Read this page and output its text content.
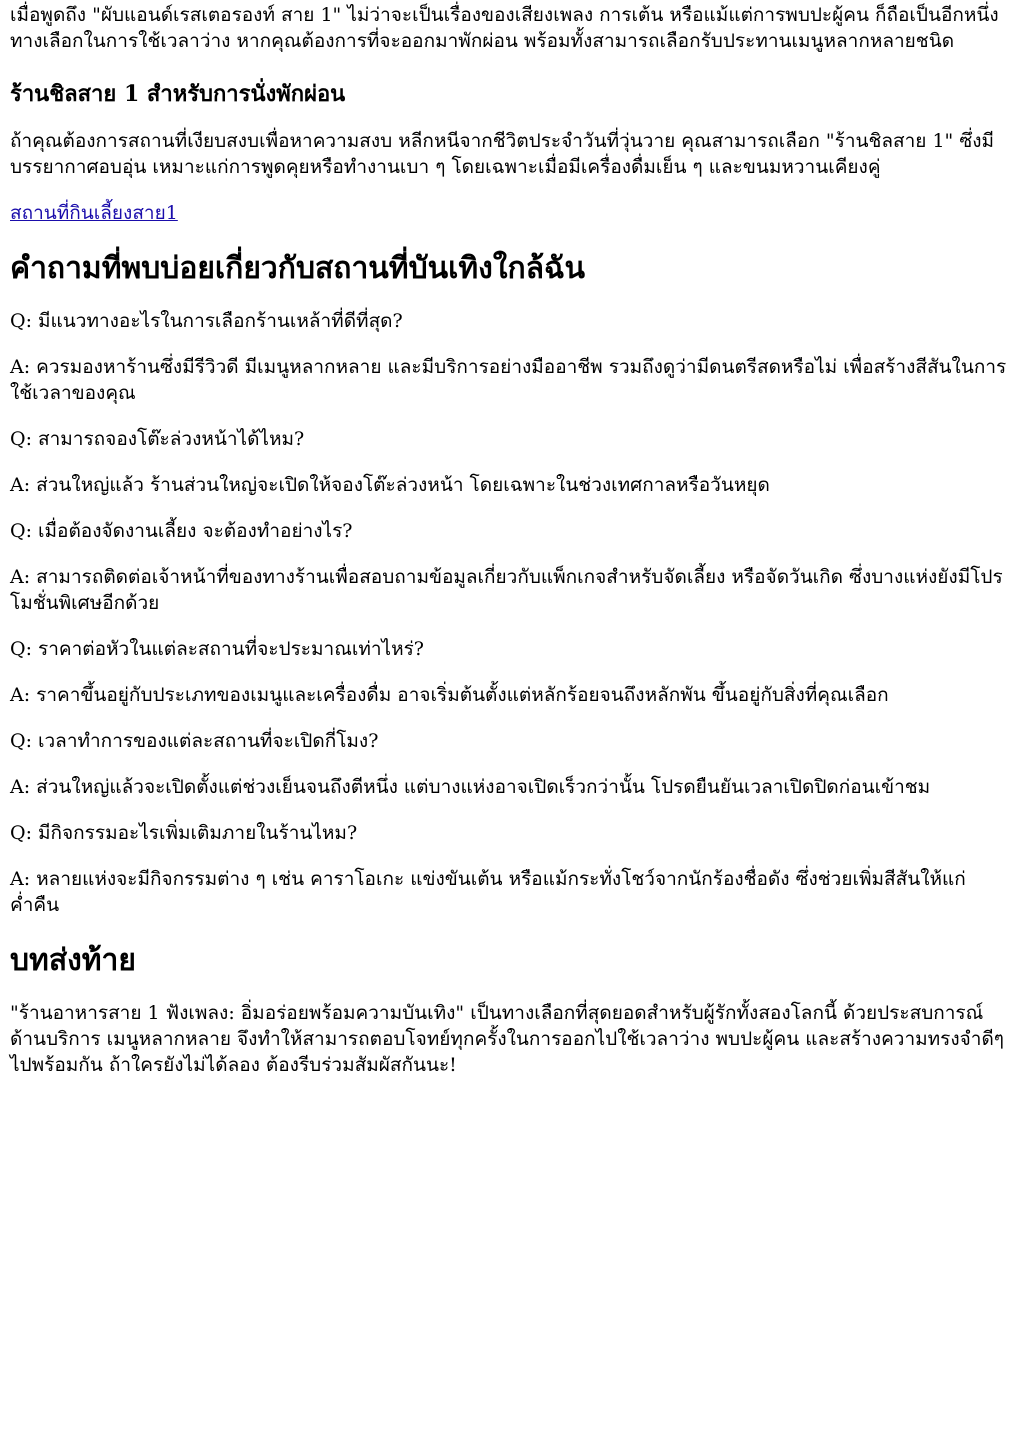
เมื่อพูดถึง "ผับแอนด์เรสเตอรองท์ สาย 1" ไม่ว่าจะเป็นเรื่องของเสียงเพลง การเต้น หรือแม้แต่การพบปะผู้คน ก็ถือเป็นอีกหนึ่งทางเลือกในการใช้เวลาว่าง หากคุณต้องการที่จะออกมาพักผ่อน พร้อมทั้งสามารถเลือกรับประทานเมนูหลากหลายชนิด

ร้านชิลสาย 1 สำหรับการนั่งพักผ่อน

ถ้าคุณต้องการสถานที่เงียบสงบเพื่อหาความสงบ หลีกหนีจากชีวิตประจำวันที่วุ่นวาย คุณสามารถเลือก "ร้านชิลสาย 1" ซึ่งมีบรรยากาศอบอุ่น เหมาะแก่การพูดคุยหรือทำงานเบา ๆ โดยเฉพาะเมื่อมีเครื่องดื่มเย็น ๆ และขนมหวานเคียงคู่

สถานที่กินเลี้ยงสาย1

คำถามที่พบบ่อยเกี่ยวกับสถานที่บันเทิงใกล้ฉัน

Q: มีแนวทางอะไรในการเลือกร้านเหล้าที่ดีที่สุด?

A: ควรมองหาร้านซึ่งมีรีวิวดี มีเมนูหลากหลาย และมีบริการอย่างมืออาชีพ รวมถึงดูว่ามีดนตรีสดหรือไม่ เพื่อสร้างสีสันในการใช้เวลาของคุณ

Q: สามารถจองโต๊ะล่วงหน้าได้ไหม?

A: ส่วนใหญ่แล้ว ร้านส่วนใหญ่จะเปิดให้จองโต๊ะล่วงหน้า โดยเฉพาะในช่วงเทศกาลหรือวันหยุด

Q: เมื่อต้องจัดงานเลี้ยง จะต้องทำอย่างไร?

A: สามารถติดต่อเจ้าหน้าที่ของทางร้านเพื่อสอบถามข้อมูลเกี่ยวกับแพ็กเกจสำหรับจัดเลี้ยง หรือจัดวันเกิด ซึ่งบางแห่งยังมีโปรโมชั่นพิเศษอีกด้วย

Q: ราคาต่อหัวในแต่ละสถานที่จะประมาณเท่าไหร่?

A: ราคาขึ้นอยู่กับประเภทของเมนูและเครื่องดื่ม อาจเริ่มต้นตั้งแต่หลักร้อยจนถึงหลักพัน ขึ้นอยู่กับสิ่งที่คุณเลือก

Q: เวลาทำการของแต่ละสถานที่จะเปิดกี่โมง?

A: ส่วนใหญ่แล้วจะเปิดตั้งแต่ช่วงเย็นจนถึงตีหนึ่ง แต่บางแห่งอาจเปิดเร็วกว่านั้น โปรดยืนยันเวลาเปิดปิดก่อนเข้าชม

Q: มีกิจกรรมอะไรเพิ่มเติมภายในร้านไหม?

A: หลายแห่งจะมีกิจกรรมต่าง ๆ เช่น คาราโอเกะ แข่งขันเต้น หรือแม้กระทั่งโชว์จากนักร้องชื่อดัง ซึ่งช่วยเพิ่มสีสันให้แก่ค่ำคืน

บทส่งท้าย

"ร้านอาหารสาย 1 ฟังเพลง: อิ่มอร่อยพร้อมความบันเทิง" เป็นทางเลือกที่สุดยอดสำหรับผู้รักทั้งสองโลกนี้ ด้วยประสบการณ์ด้านบริการ เมนูหลากหลาย จึงทำให้สามารถตอบโจทย์ทุกครั้งในการออกไปใช้เวลาว่าง พบปะผู้คน และสร้างความทรงจำดีๆ ไปพร้อมกัน ถ้าใครยังไม่ได้ลอง ต้องรีบร่วมสัมผัสกันนะ!
